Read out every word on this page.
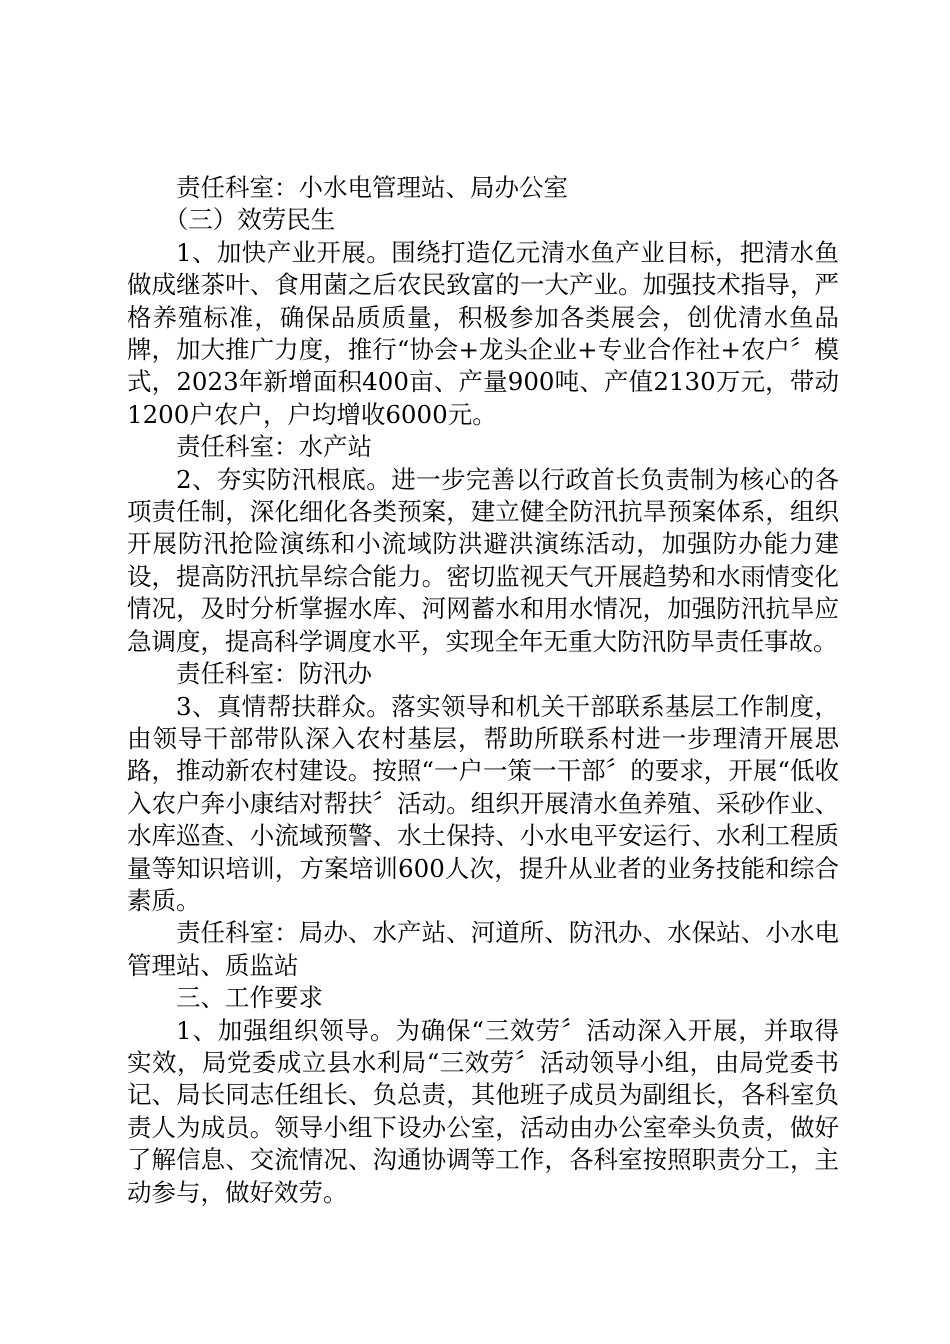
责任科室：小水电管理站、局办公室

（三）效劳民生

1、加快产业开展。围绕打造亿元清水鱼产业目标，把清水鱼做成继茶叶、食用菌之后农民致富的一大产业。加强技术指导，严格养殖标准，确保品质质量，积极参加各类展会，创优清水鱼品牌，加大推广力度，推行“协会+龙头企业+专业合作社+农户〞模式，2023年新增面积400亩、产量900吨、产值2130万元，带动1200户农户，户均增收6000元。

责任科室：水产站

2、夯实防汛根底。进一步完善以行政首长负责制为核心的各项责任制，深化细化各类预案，建立健全防汛抗旱预案体系，组织开展防汛抢险演练和小流域防洪避洪演练活动，加强防办能力建设，提高防汛抗旱综合能力。密切监视天气开展趋势和水雨情变化情况，及时分析掌握水库、河网蓄水和用水情况，加强防汛抗旱应急调度，提高科学调度水平，实现全年无重大防汛防旱责任事故。

责任科室：防汛办

3、真情帮扶群众。落实领导和机关干部联系基层工作制度，由领导干部带队深入农村基层，帮助所联系村进一步理清开展思路，推动新农村建设。按照“一户一策一干部〞的要求，开展“低收入农户奔小康结对帮扶〞活动。组织开展清水鱼养殖、采砂作业、水库巡查、小流域预警、水土保持、小水电平安运行、水利工程质量等知识培训，方案培训600人次，提升从业者的业务技能和综合素质。

责任科室：局办、水产站、河道所、防汛办、水保站、小水电管理站、质监站

三、工作要求

1、加强组织领导。为确保“三效劳〞活动深入开展，并取得实效，局党委成立县水利局“三效劳〞活动领导小组，由局党委书记、局长同志任组长、负总责，其他班子成员为副组长，各科室负责人为成员。领导小组下设办公室，活动由办公室牵头负责，做好了解信息、交流情况、沟通协调等工作，各科室按照职责分工，主动参与，做好效劳。
